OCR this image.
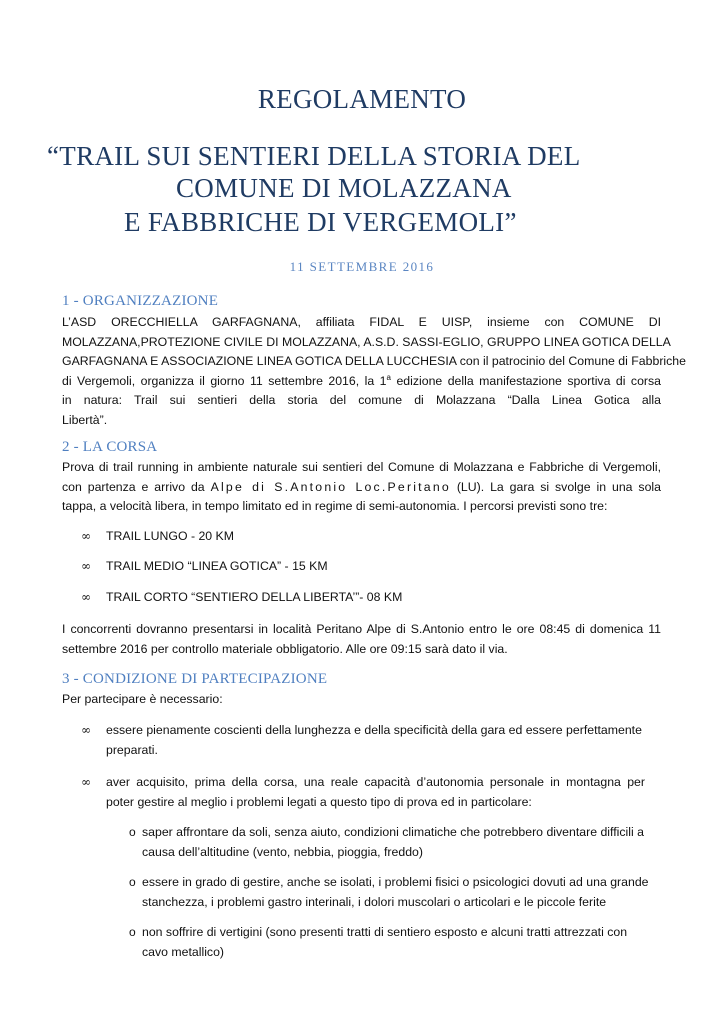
REGOLAMENTO
“TRAIL SUI SENTIERI DELLA STORIA DEL
COMUNE DI MOLAZZANA
E FABBRICHE DI VERGEMOLI”
11 SETTEMBRE 2016
1 - ORGANIZZAZIONE
L’ASD ORECCHIELLA GARFAGNANA, affiliata FIDAL E UISP, insieme con COMUNE DI
MOLAZZANA,PROTEZIONE CIVILE DI MOLAZZANA, A.S.D. SASSI-EGLIO, GRUPPO LINEA GOTICA DELLA
GARFAGNANA E ASSOCIAZIONE LINEA GOTICA DELLA LUCCHESIA con il patrocinio del Comune di Fabbriche
di Vergemoli, organizza il giorno 11 settembre 2016, la 1$^a$ edizione della manifestazione sportiva di corsa
in natura: Trail sui sentieri della storia del comune di Molazzana “Dalla Linea Gotica alla
Libertà”.
2 - LA CORSA
Prova di trail running in ambiente naturale sui sentieri del Comune di Molazzana e Fabbriche di Vergemoli,
con partenza e arrivo da Alpe di S.Antonio Loc.Peritano (LU). La gara si svolge in una sola
tappa, a velocità libera, in tempo limitato ed in regime di semi-autonomia. I percorsi previsti sono tre:
∞ TRAIL LUNGO - 20 KM
∞ TRAIL MEDIO “LINEA GOTICA” - 15 KM
∞ TRAIL CORTO “SENTIERO DELLA LIBERTA’”- 08 KM
I concorrenti dovranno presentarsi in località Peritano Alpe di S.Antonio entro le ore 08:45 di domenica 11
settembre 2016 per controllo materiale obbligatorio. Alle ore 09:15 sarà dato il via.
3 - CONDIZIONE DI PARTECIPAZIONE
Per partecipare è necessario:
∞ essere pienamente coscienti della lunghezza e della specificità della gara ed essere perfettamente
preparati.
∞ aver acquisito, prima della corsa, una reale capacità d’autonomia personale in montagna per
poter gestire al meglio i problemi legati a questo tipo di prova ed in particolare:
o saper affrontare da soli, senza aiuto, condizioni climatiche che potrebbero diventare difficili a
causa dell’altitudine (vento, nebbia, pioggia, freddo)
o essere in grado di gestire, anche se isolati, i problemi fisici o psicologici dovuti ad una grande
stanchezza, i problemi gastro interinali, i dolori muscolari o articolari e le piccole ferite
o non soffrire di vertigini (sono presenti tratti di sentiero esposto e alcuni tratti attrezzati con
cavo metallico)
